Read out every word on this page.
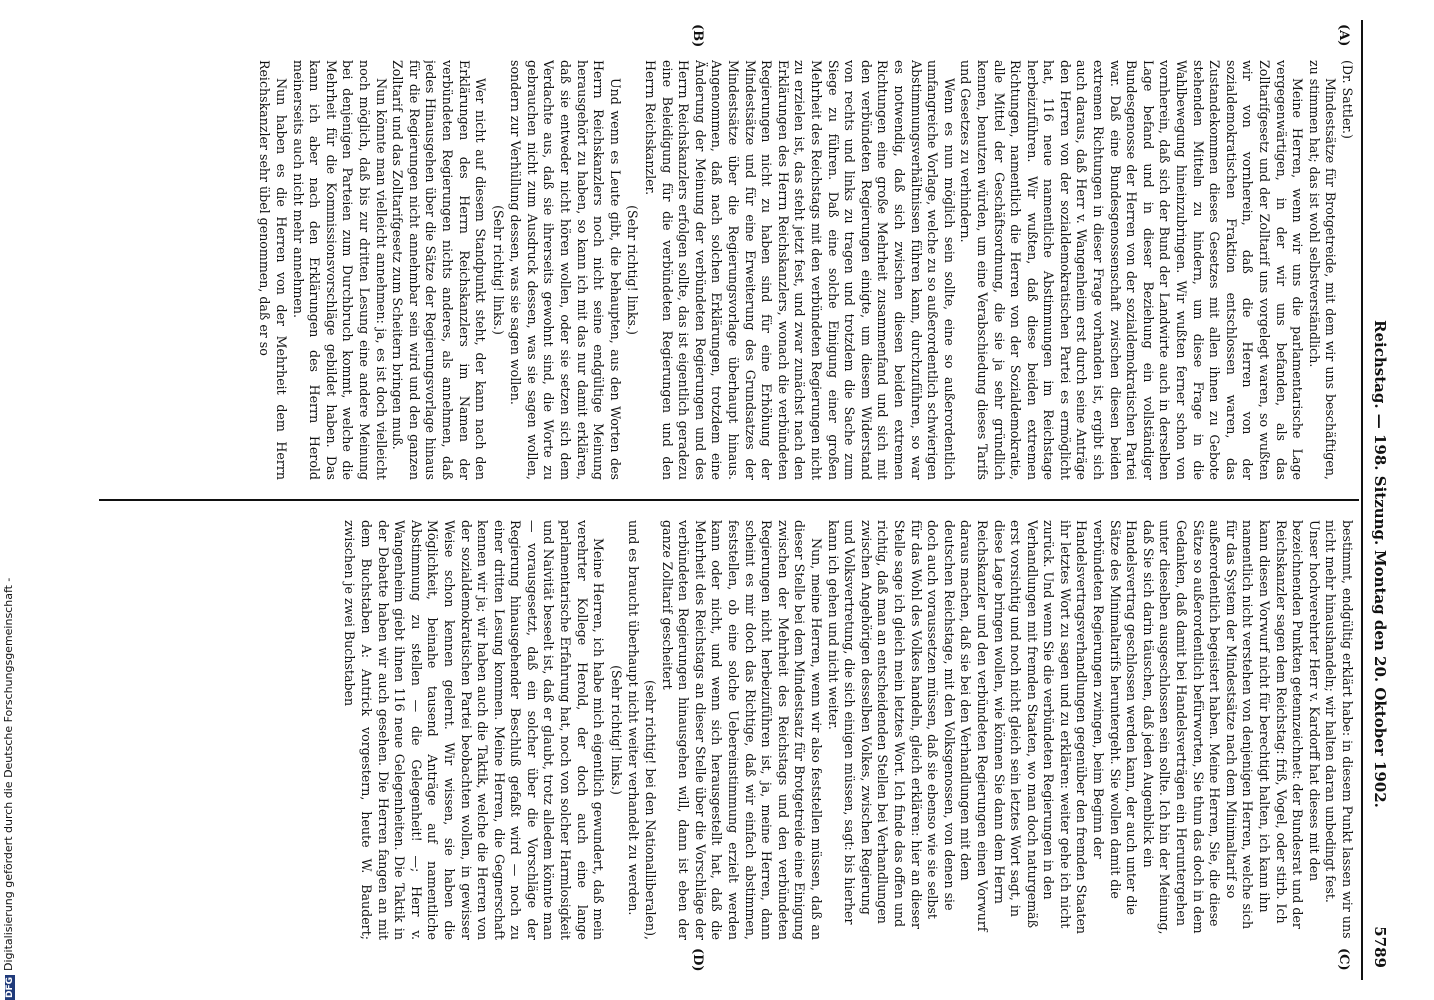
Reichstag. — 198. Sitzung.
Montag den 20. Oktober 1902.
5789
(A)
(B)
(C)
(D)

(Dr. Sattler.)

Mindestsätze für Brotgetreide, mit dem wir uns beschäftigen, zu stimmen hat; das ist wohl selbstverständlich.

Meine Herren, wenn wir uns die parlamentarische Lage vergegenwärtigen, in der wir uns befanden, als das Zolltarifgesetz und der Zolltarif uns vorgelegt waren, so wußten wir von vornherein, daß die Herren von der sozialdemokratischen Fraktion entschlossen waren, das Zustandekommen dieses Gesetzes mit allen ihnen zu Gebote stehenden Mitteln zu hindern, um diese Frage in die Wahlbewegung hineinzubringen. Wir wußten ferner schon von vornherein, daß sich der Bund der Landwirte auch in derselben Lage befand und in dieser Beziehung ein vollständiger Bundesgenosse der Herren von der sozialdemokratischen Partei war. Daß eine Bundesgenossenschaft zwischen diesen beiden extremen Richtungen in dieser Frage vorhanden ist, ergibt sich auch daraus, daß Herr v. Wangenheim erst durch seine Anträge den Herren von der sozialdemokratischen Partei es ermöglicht hat, 116 neue namentliche Abstimmungen im Reichstage herbeizuführen. Wir wußten, daß diese beiden extremen Richtungen, namentlich die Herren von der Sozialdemokratie, alle Mittel der Geschäftsordnung, die sie ja sehr gründlich kennen, benutzen würden, um eine Verabschiedung dieses Tarifs und Gesetzes zu verhindern.

Wenn es nun möglich sein sollte, eine so außerordentlich umfangreiche Vorlage, welche zu so außerordentlich schwierigen Abstimmungsverhältnissen führen kann, durchzuführen, so war es notwendig, daß sich zwischen diesen beiden extremen Richtungen eine große Mehrheit zusammenfand und sich mit den verbündeten Regierungen einigte, um diesem Widerstand von rechts und links zu tragen und trotzdem die Sache zum Siege zu führen. Daß eine solche Einigung einer großen Mehrheit des Reichstags mit den verbündeten Regierungen nicht zu erzielen ist, das steht jetzt fest, und zwar zunächst nach den Erklärungen des Herrn Reichskanzlers, wonach die verbündeten Regierungen nicht zu haben sind für eine Erhöhung der Mindestsätze und für eine Erweiterung des Grundsatzes der Mindestsätze über die Regierungsvorlage überhaupt hinaus. Angenommen, daß nach solchen Erklärungen, trotzdem eine Änderung der Meinung der verbündeten Regierungen und des Herrn Reichskanzlers erfolgen sollte, das ist eigentlich geradezu eine Beleidigung für die verbündeten Regierungen und den Herrn Reichskanzler.

(Sehr richtig! links.)

Und wenn es Leute gibt, die behaupten, aus den Worten des Herrn Reichskanzlers noch nicht seine endgültige Meinung herausgehört zu haben, so kann ich mit das nur damit erklären, daß sie entweder nicht hören wollen, oder sie setzen sich dem Verdachte aus, daß sie ihrerseits gewohnt sind, die Worte zu gebrauchen nicht zum Ausdruck dessen, was sie sagen wollen, sondern zur Verhüllung dessen, was sie sagen wollen.

(Sehr richtig! links.)

Wer nicht auf diesem Standpunkt steht, der kann nach den Erklärungen des Herrn Reichskanzlers im Namen der verbündeten Regierungen nichts anderes, als annehmen, daß jedes Hinausgehen über die Sätze der Regierungsvorlage hinaus für die Regierungen nicht annehmbar sein wird und den ganzen Zolltarif und das Zolltarifgesetz zum Scheitern bringen muß.

Nun könnte man vielleicht annehmen: ja, es ist doch vielleicht noch möglich, daß bis zur dritten Lesung eine andere Meinung bei denjenigen Parteien zum Durchbruch kommt, welche die Mehrheit für die Kommissionsvorschläge gebildet haben. Das kann ich aber nach den Erklärungen des Herrn Herold meinerseits auch nicht mehr annehmen.

Nun haben es die Herren von der Mehrheit dem Herrn Reichskanzler sehr übel genommen, daß er so

bestimmt, endgültig erklärt habe: in diesem Punkt lassen wir uns nicht mehr hinaushandeln; wir halten daran unbedingt fest. Unser hochverehrter Herr v. Kardorff hat dieses mit den bezeichnenden Punkten getennzeichnet: der Bundesrat und der Reichskanzler sagen dem Reichstag: friß, Vogel, oder stirb. Ich kann diesen Vorwurf nicht für berechtigt halten, ich kann ihn namentlich nicht verstehen von denjenigen Herren, welche sich für das System der Mindestsätze nach dem Minimaltarif so außerordentlich begeistert haben. Meine Herren, Sie, die diese Sätze so außerordentlich befürworten, Sie thun das doch in dem Gedanken, daß damit bei Handelsverträgen ein Heruntergehen unter dieselben ausgeschlossen sein sollte. Ich bin der Meinung, daß Sie sich darin täuschen, daß jeden Augenblick ein Handelsvertrag geschlossen werden kann, der auch unter die Sätze des Minimaltarifs heruntergeht. Sie wollen damit die verbündeten Regierungen zwingen, beim Beginn der Handelsvertragsverhandlungen gegenüber den fremden Staaten ihr letztes Wort zu sagen und zu erklären: weiter gehe ich nicht zurück. Und wenn Sie die verbündeten Regierungen in den Verhandlungen mit fremden Staaten, wo man doch naturgemäß erst vorsichtig und noch nicht gleich sein letztes Wort sagt, in diese Lage bringen wollen, wie können Sie dann dem Herrn Reichskanzler und den verbündeten Regierungen einen Vorwurf daraus machen, daß sie bei den Verhandlungen mit dem deutschen Reichstage, mit den Volksgenossen, von denen sie doch auch voraussetzen müssen, daß sie ebenso wie sie selbst für das Wohl des Volkes handeln, gleich erklären: hier an dieser Stelle sage ich gleich mein letztes Wort. Ich finde das offen und richtig, daß man an entscheidenden Stellen bei Verhandlungen zwischen Angehörigen desselben Volkes, zwischen Regierung und Volksvertretung, die sich einigen müssen, sagt: bis hierher kann ich gehen und nicht weiter.

Nun, meine Herren, wenn wir also feststellen müssen, daß an dieser Stelle bei dem Mindestsatz für Brotgetreide eine Einigung zwischen der Mehrheit des Reichstags und den verbündeten Regierungen nicht herbeizuführen ist, ja, meine Herren, dann scheint es mir doch das Richtige, daß wir einfach abstimmen, feststellen, ob eine solche Uebereinstimmung erzielt werden kann oder nicht, und wenn sich herausgestellt hat, daß die Mehrheit des Reichstags an dieser Stelle über die Vorschläge der verbündeten Regierungen hinausgehen will, dann ist eben der ganze Zolltarif gescheitert

(sehr richtig! bei den Nationalliberalen),

und es braucht überhaupt nicht weiter verhandelt zu werden.

(Sehr richtig! links.)

Meine Herren, ich habe mich eigentlich gewundert, daß mein verehrter Kollege Herold, der doch auch eine lange parlamentarische Erfahrung hat, noch von solcher Harmlosigkeit und Naivität beseelt ist, daß er glaubt, trotz alledem könnte man — vorausgesetzt, daß ein solcher über die Vorschläge der Regierung hinausgehender Beschluß gefaßt wird — noch zu einer dritten Lesung kommen. Meine Herren, die Gegnerschaft kennen wir ja; wir haben auch die Taktik, welche die Herren von der sozialdemokratischen Partei beobachten wollen, in gewisser Weise schon kennen gelernt. Wir wissen, sie haben die Möglichkeit, beinahe tausend Anträge auf namentliche Abstimmung zu stellen — die Gelegenheit! —; Herr v. Wangenheim giebt ihnen 116 neue Gelegenheiten. Die Taktik in der Debatte haben wir auch gesehen. Die Herren fangen an mit dem Buchstaben A: Antrick vorgestern, heute W. Baudert; zwischen je zwei Buchstaben

DFGDigitalisierung gefördert durch die Deutsche Forschungsgemeinschaft -
